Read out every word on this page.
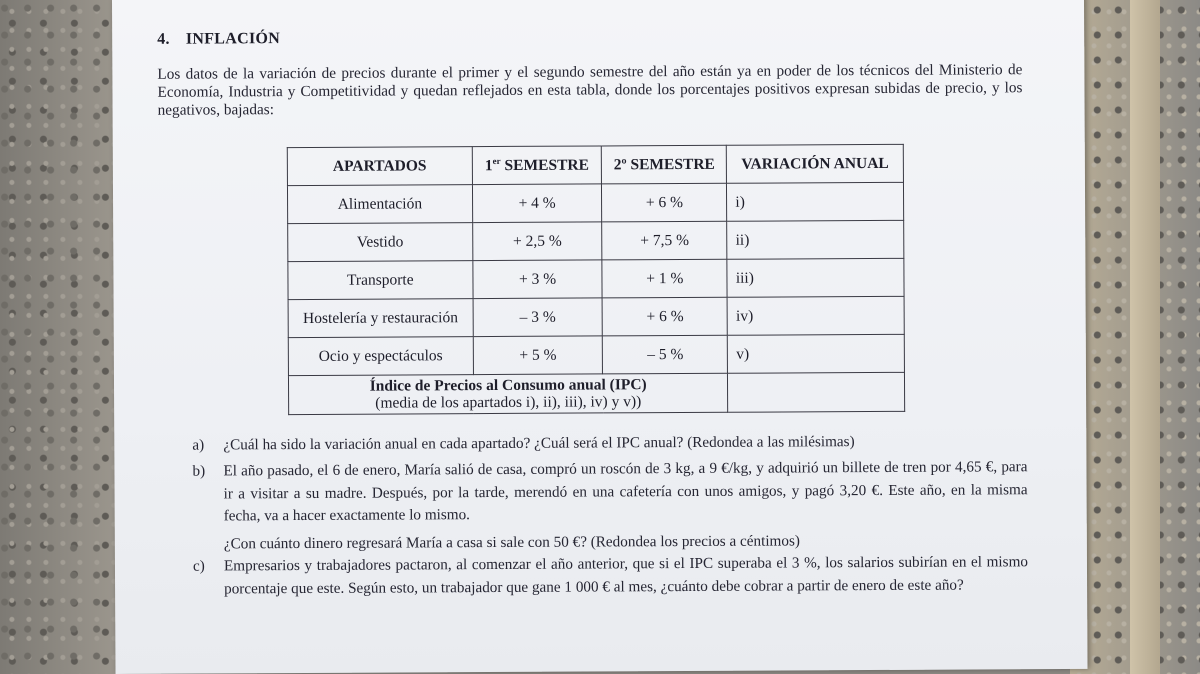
4. INFLACIÓN
Los datos de la variación de precios durante el primer y el segundo semestre del año están ya en poder de los técnicos del Ministerio de Economía, Industria y Competitividad y quedan reflejados en esta tabla, donde los porcentajes positivos expresan subidas de precio, y los negativos, bajadas:
APARTADOS	1er SEMESTRE	2º SEMESTRE	VARIACIÓN ANUAL
Alimentación	+ 4 %	+ 6 %	i)
Vestido	+ 2,5 %	+ 7,5 %	ii)
Transporte	+ 3 %	+ 1 %	iii)
Hostelería y restauración	– 3 %	+ 6 %	iv)
Ocio y espectáculos	+ 5 %	– 5 %	v)

Índice de Precios al Consumo anual (IPC)
(media de los apartados i), ii), iii), iv) y v))			
a) ¿Cuál ha sido la variación anual en cada apartado? ¿Cuál será el IPC anual? (Redondea a las milésimas)
b) El año pasado, el 6 de enero, María salió de casa, compró un roscón de 3 kg, a 9 €/kg, y adquirió un billete de tren por 4,65 €, para ir a visitar a su madre. Después, por la tarde, merendó en una cafetería con unos amigos, y pagó 3,20 €. Este año, en la misma fecha, va a hacer exactamente lo mismo.
¿Con cuánto dinero regresará María a casa si sale con 50 €? (Redondea los precios a céntimos)
c) Empresarios y trabajadores pactaron, al comenzar el año anterior, que si el IPC superaba el 3 %, los salarios subirían en el mismo porcentaje que este. Según esto, un trabajador que gane 1 000 € al mes, ¿cuánto debe cobrar a partir de enero de este año?
